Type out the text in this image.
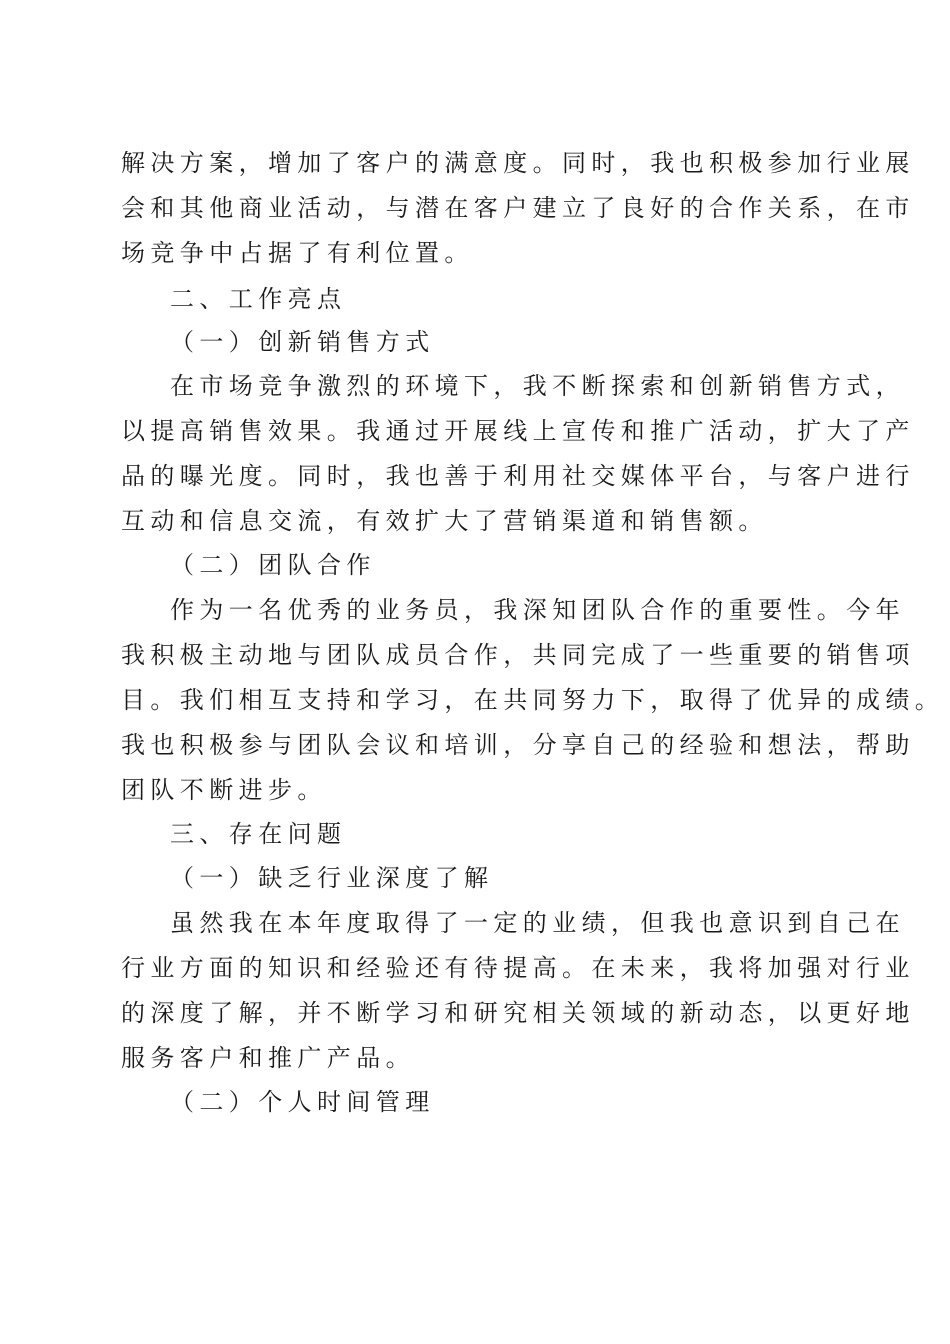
解决方案，增加了客户的满意度。同时，我也积极参加行业展
会和其他商业活动，与潜在客户建立了良好的合作关系，在市
场竞争中占据了有利位置。
二、工作亮点
（一）创新销售方式
在市场竞争激烈的环境下，我不断探索和创新销售方式，
以提高销售效果。我通过开展线上宣传和推广活动，扩大了产
品的曝光度。同时，我也善于利用社交媒体平台，与客户进行
互动和信息交流，有效扩大了营销渠道和销售额。
（二）团队合作
作为一名优秀的业务员，我深知团队合作的重要性。今年
我积极主动地与团队成员合作，共同完成了一些重要的销售项
目。我们相互支持和学习，在共同努力下，取得了优异的成绩。
我也积极参与团队会议和培训，分享自己的经验和想法，帮助
团队不断进步。
三、存在问题
（一）缺乏行业深度了解
虽然我在本年度取得了一定的业绩，但我也意识到自己在
行业方面的知识和经验还有待提高。在未来，我将加强对行业
的深度了解，并不断学习和研究相关领域的新动态，以更好地
服务客户和推广产品。
（二）个人时间管理
